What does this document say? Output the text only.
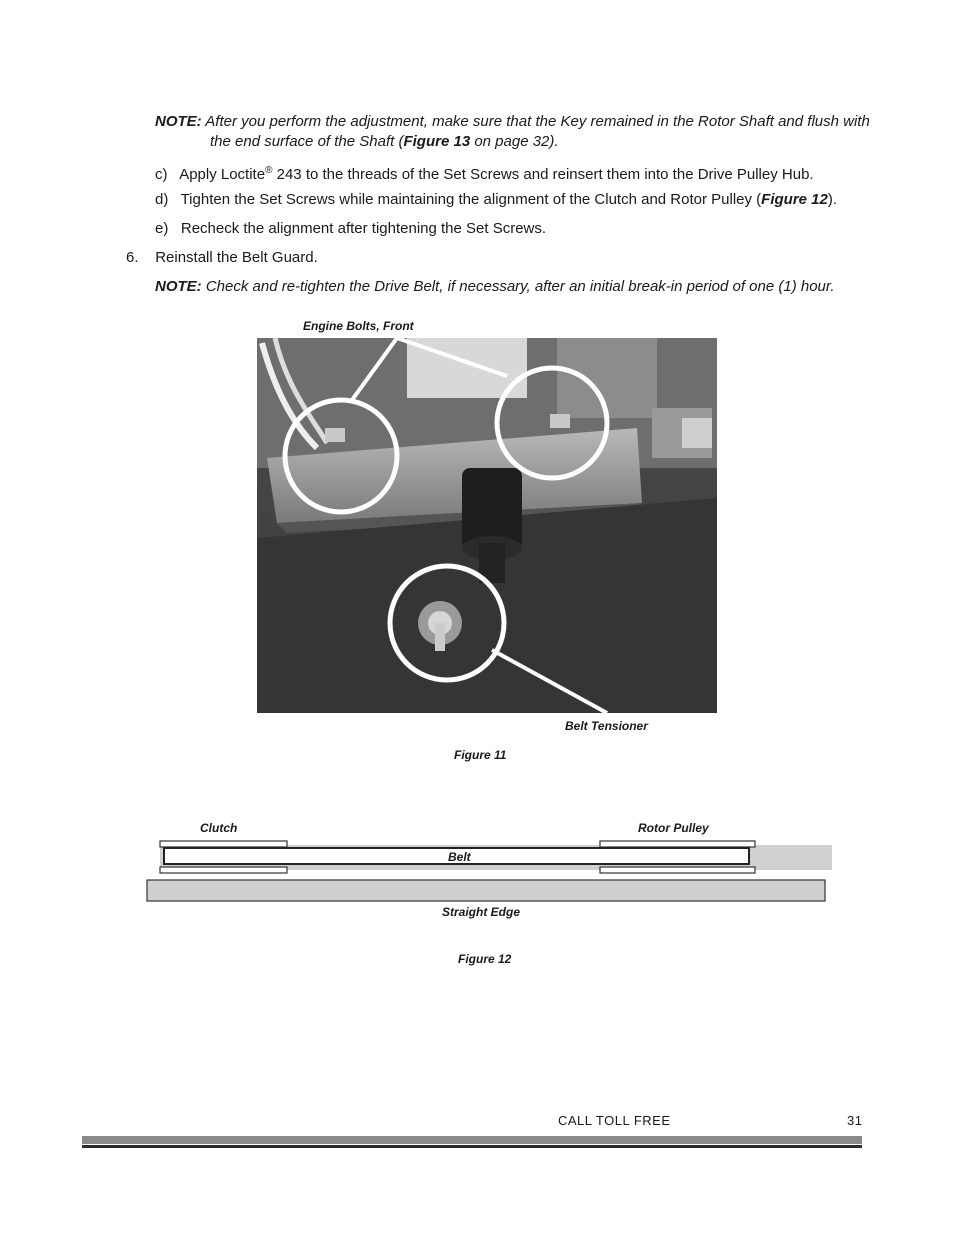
NOTE: After you perform the adjustment, make sure that the Key remained in the Rotor Shaft and flush with
the end surface of the Shaft (Figure 13 on page 32).
c) Apply Loctite® 243 to the threads of the Set Screws and reinsert them into the Drive Pulley Hub.
d) Tighten the Set Screws while maintaining the alignment of the Clutch and Rotor Pulley (Figure 12).
e) Recheck the alignment after tightening the Set Screws.
6. Reinstall the Belt Guard.
NOTE: Check and re-tighten the Drive Belt, if necessary, after an initial break-in period of one (1) hour.
Engine Bolts, Front
Belt Tensioner
Figure 11
Clutch	Rotor Pulley
Belt
Straight Edge
Figure 12
CALL TOLL FREE	31
